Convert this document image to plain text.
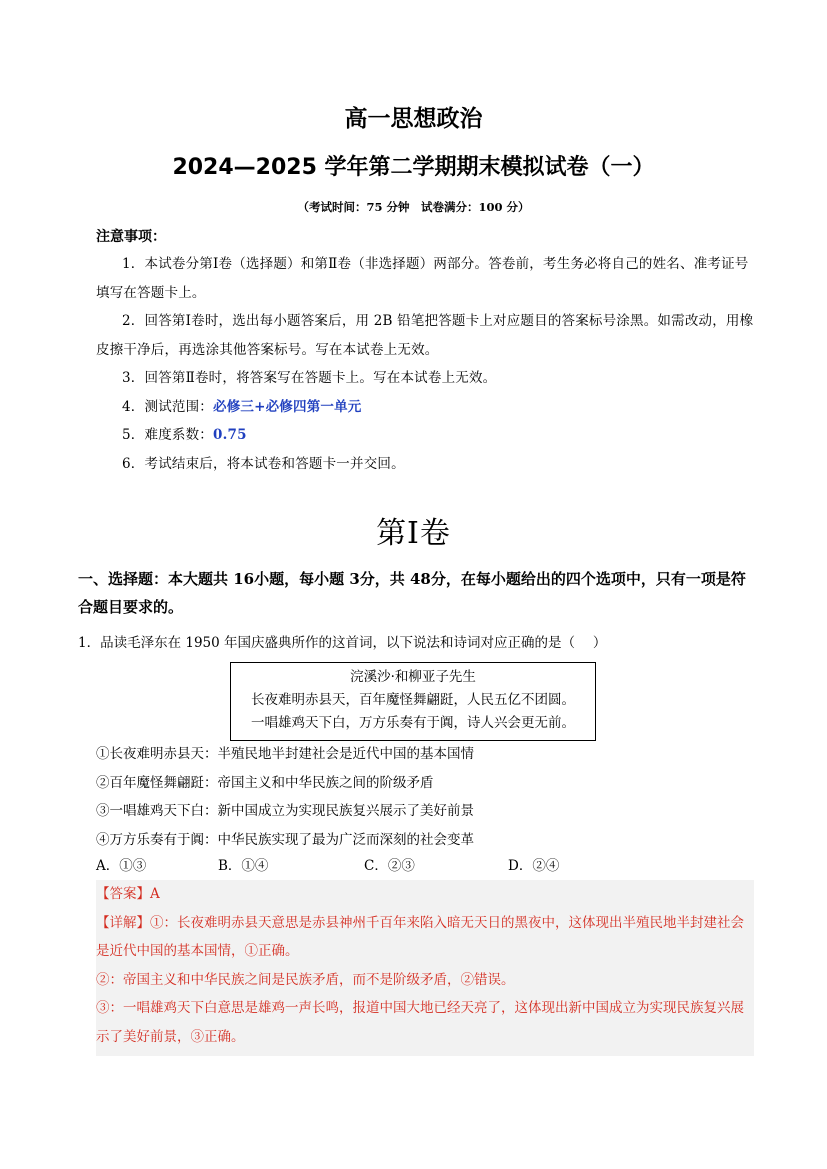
高一思想政治
2024—2025 学年第二学期期末模拟试卷（一）
（考试时间：75 分钟　试卷满分：100 分）
注意事项：
1．本试卷分第Ⅰ卷（选择题）和第Ⅱ卷（非选择题）两部分。答卷前，考生务必将自己的姓名、准考证号填写在答题卡上。
2．回答第Ⅰ卷时，选出每小题答案后，用 2B 铅笔把答题卡上对应题目的答案标号涂黑。如需改动，用橡皮擦干净后，再选涂其他答案标号。写在本试卷上无效。
3．回答第Ⅱ卷时，将答案写在答题卡上。写在本试卷上无效。
4．测试范围：必修三+必修四第一单元
5．难度系数：0.75
6．考试结束后，将本试卷和答题卡一并交回。
第Ⅰ卷
一、选择题：本大题共 16小题，每小题 3分，共 48分，在每小题给出的四个选项中，只有一项是符合题目要求的。
1．品读毛泽东在 1950 年国庆盛典所作的这首词，以下说法和诗词对应正确的是（　 ）
浣溪沙·和柳亚子先生
长夜难明赤县天，百年魔怪舞翩跹，人民五亿不团圆。
一唱雄鸡天下白，万方乐奏有于阗，诗人兴会更无前。
①长夜难明赤县天：半殖民地半封建社会是近代中国的基本国情
②百年魔怪舞翩跹：帝国主义和中华民族之间的阶级矛盾
③一唱雄鸡天下白：新中国成立为实现民族复兴展示了美好前景
④万方乐奏有于阗：中华民族实现了最为广泛而深刻的社会变革
A．①③	B．①④	C．②③	D．②④

【答案】A

【详解】①：长夜难明赤县天意思是赤县神州千百年来陷入暗无天日的黑夜中，这体现出半殖民地半封建社会是近代中国的基本国情，①正确。

②：帝国主义和中华民族之间是民族矛盾，而不是阶级矛盾，②错误。

③：一唱雄鸡天下白意思是雄鸡一声长鸣，报道中国大地已经天亮了，这体现出新中国成立为实现民族复兴展示了美好前景，③正确。
